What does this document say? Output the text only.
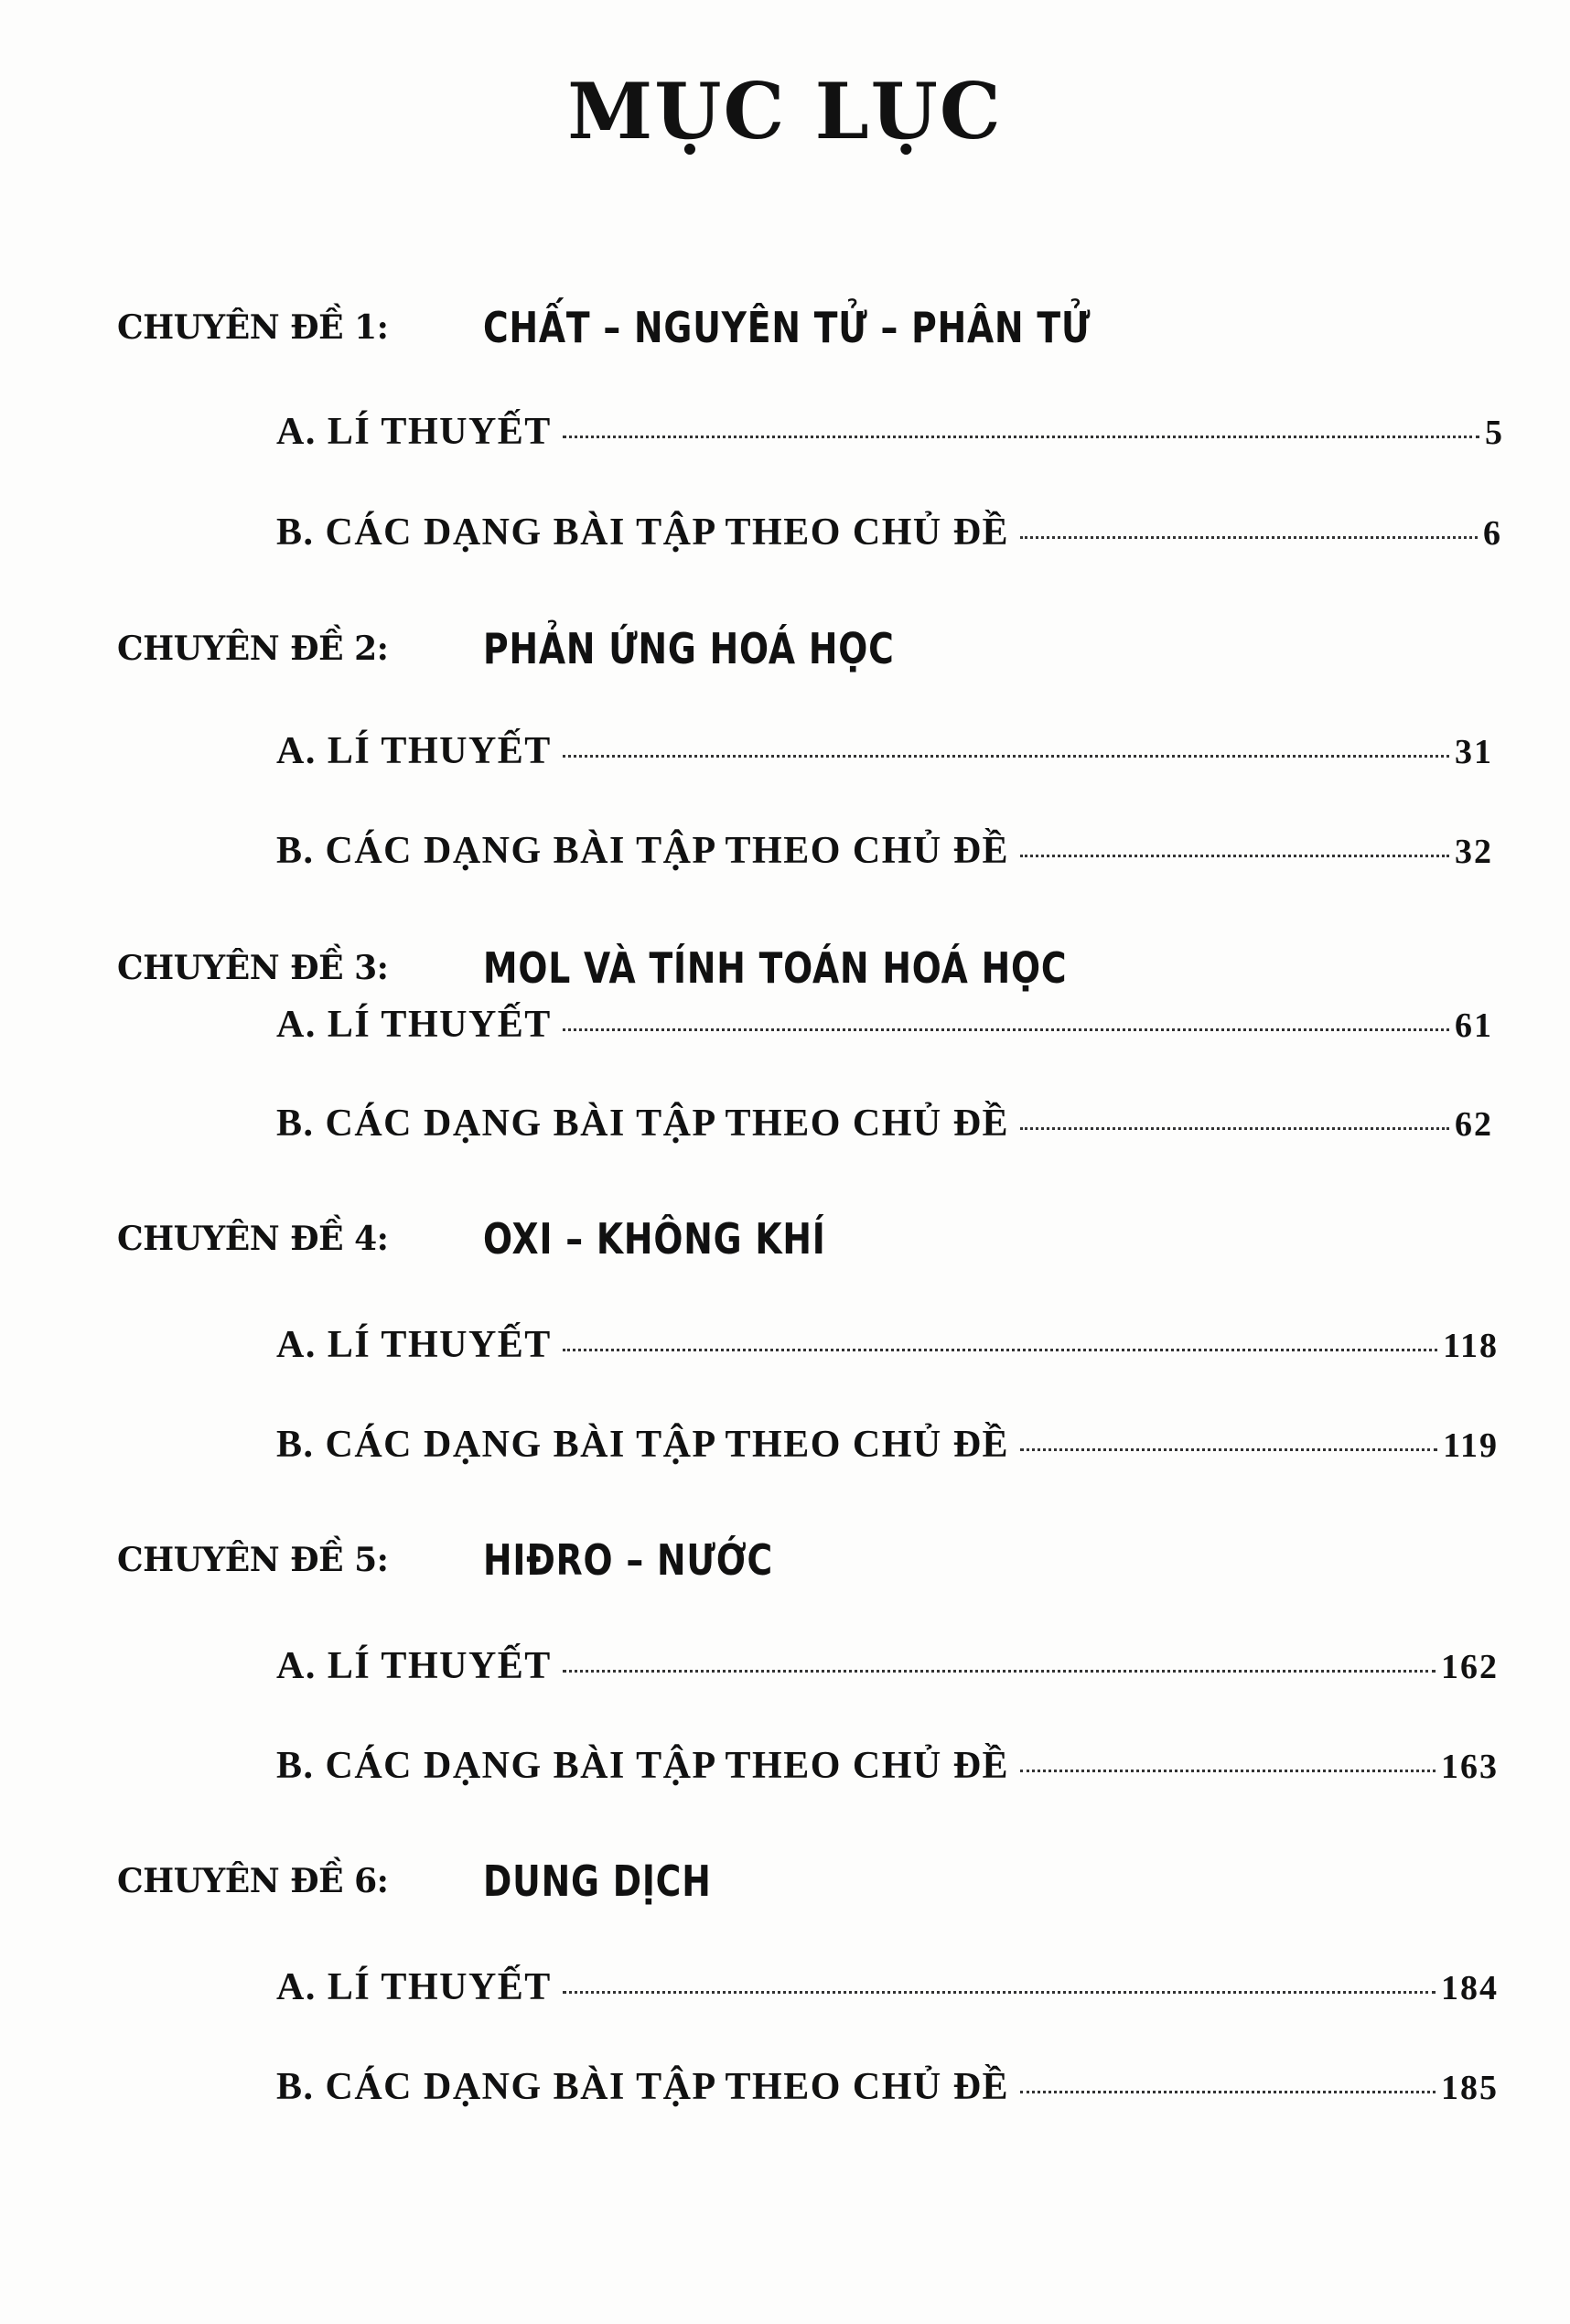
MỤC LỤC
CHUYÊN ĐỀ 1:	CHẤT – NGUYÊN TỬ – PHÂN TỬ
A. LÍ THUYẾT	5
B. CÁC DẠNG BÀI TẬP THEO CHỦ ĐỀ	6
CHUYÊN ĐỀ 2:	PHẢN ỨNG HOÁ HỌC
A. LÍ THUYẾT	31
B. CÁC DẠNG BÀI TẬP THEO CHỦ ĐỀ	32
CHUYÊN ĐỀ 3:	MOL VÀ TÍNH TOÁN HOÁ HỌC
A. LÍ THUYẾT	61
B. CÁC DẠNG BÀI TẬP THEO CHỦ ĐỀ	62
CHUYÊN ĐỀ 4:	OXI – KHÔNG KHÍ
A. LÍ THUYẾT	118
B. CÁC DẠNG BÀI TẬP THEO CHỦ ĐỀ	119
CHUYÊN ĐỀ 5:	HIĐRO – NƯỚC
A. LÍ THUYẾT	162
B. CÁC DẠNG BÀI TẬP THEO CHỦ ĐỀ	163
CHUYÊN ĐỀ 6:	DUNG DỊCH
A. LÍ THUYẾT	184
B. CÁC DẠNG BÀI TẬP THEO CHỦ ĐỀ	185
